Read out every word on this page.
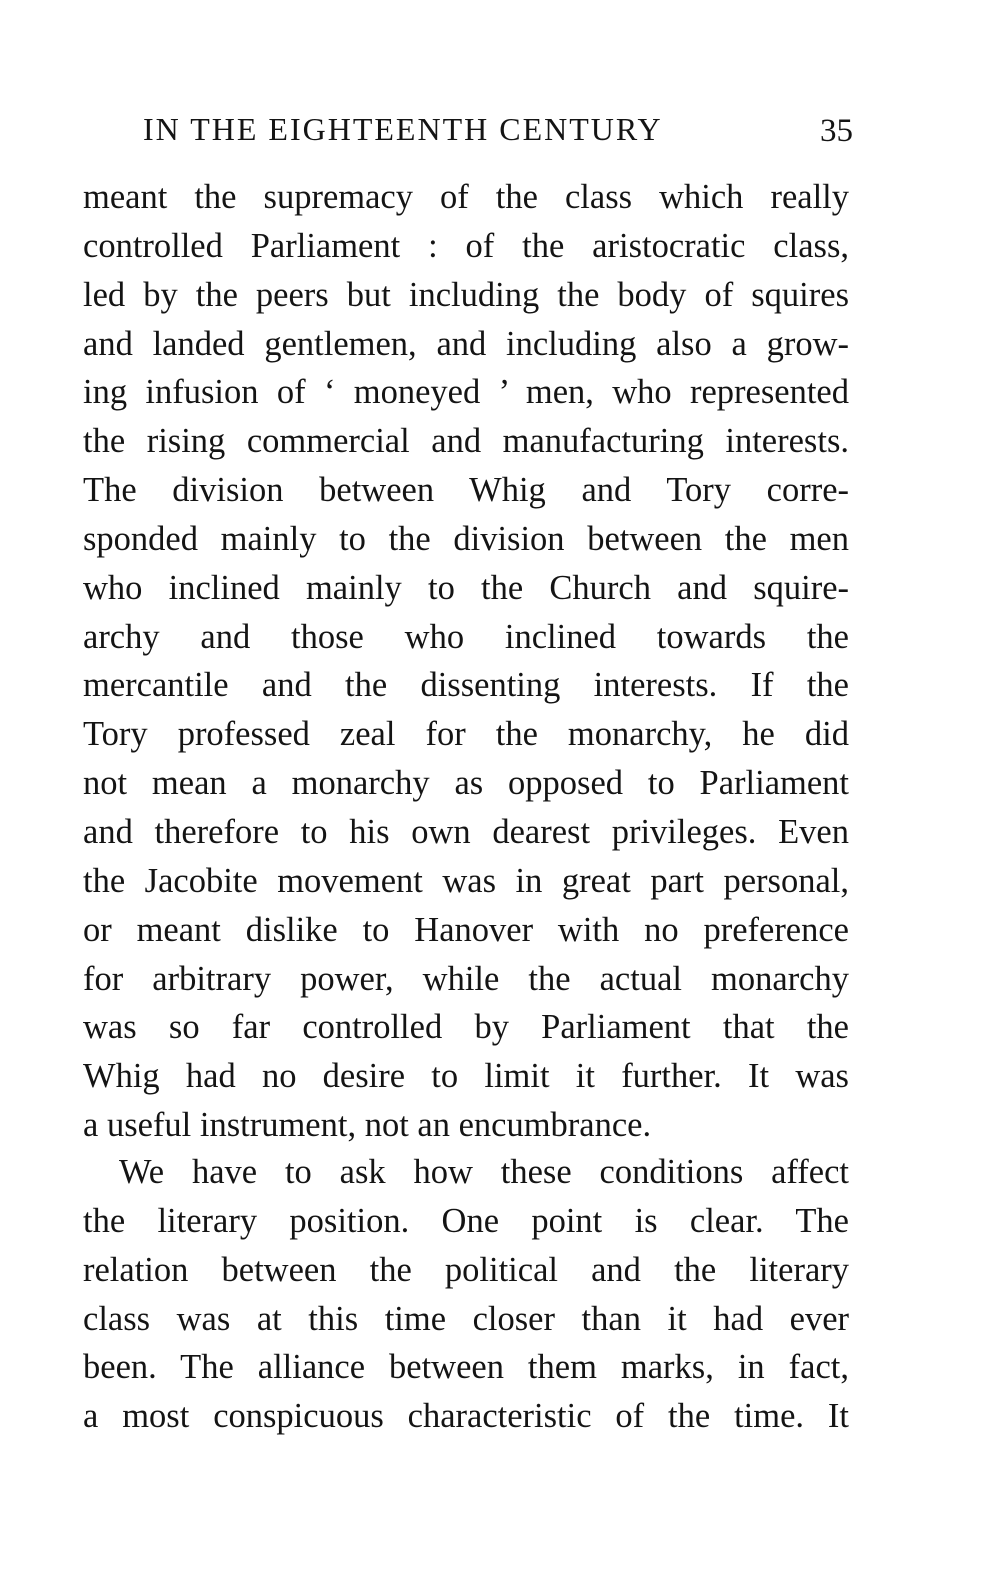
IN THE EIGHTEENTH CENTURY	35
meant the supremacy of the class which really
controlled Parliament : of the aristocratic class,
led by the peers but including the body of squires
and landed gentlemen, and including also a grow-
ing infusion of ‘ moneyed ’ men, who represented
the rising commercial and manufacturing interests.
The division between Whig and Tory corre-
sponded mainly to the division between the men
who inclined mainly to the Church and squire-
archy and those who inclined towards the
mercantile and the dissenting interests. If the
Tory professed zeal for the monarchy, he did
not mean a monarchy as opposed to Parliament
and therefore to his own dearest privileges. Even
the Jacobite movement was in great part personal,
or meant dislike to Hanover with no preference
for arbitrary power, while the actual monarchy
was so far controlled by Parliament that the
Whig had no desire to limit it further. It was
a useful instrument, not an encumbrance.
We have to ask how these conditions affect
the literary position. One point is clear. The
relation between the political and the literary
class was at this time closer than it had ever
been. The alliance between them marks, in fact,
a most conspicuous characteristic of the time. It
